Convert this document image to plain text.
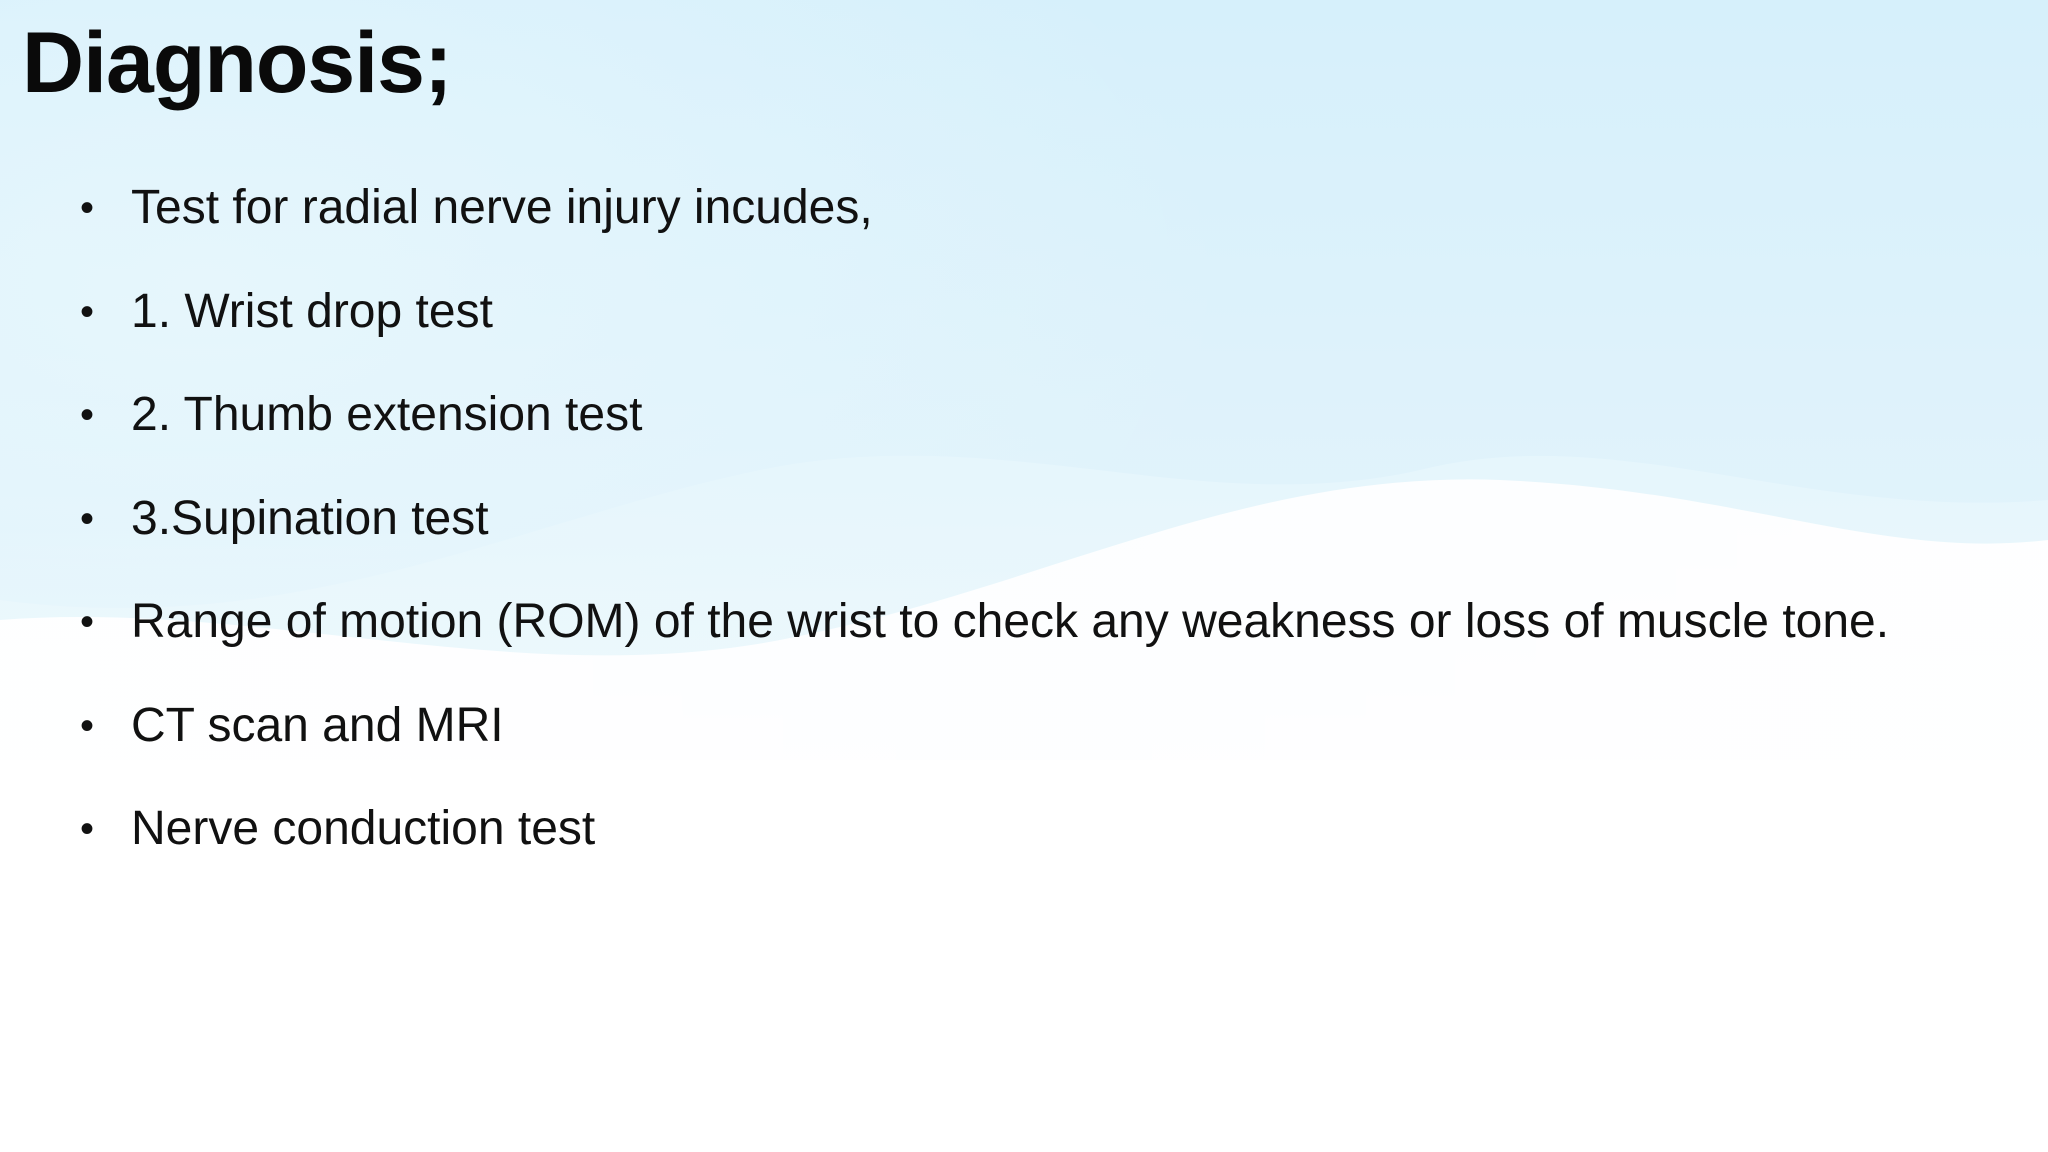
Diagnosis;
• Test for radial nerve injury incudes,
• 1. Wrist drop test
• 2. Thumb extension test
• 3.Supination test
• Range of motion (ROM) of the wrist to check any weakness or loss of muscle tone.
• CT scan and MRI
• Nerve conduction test
